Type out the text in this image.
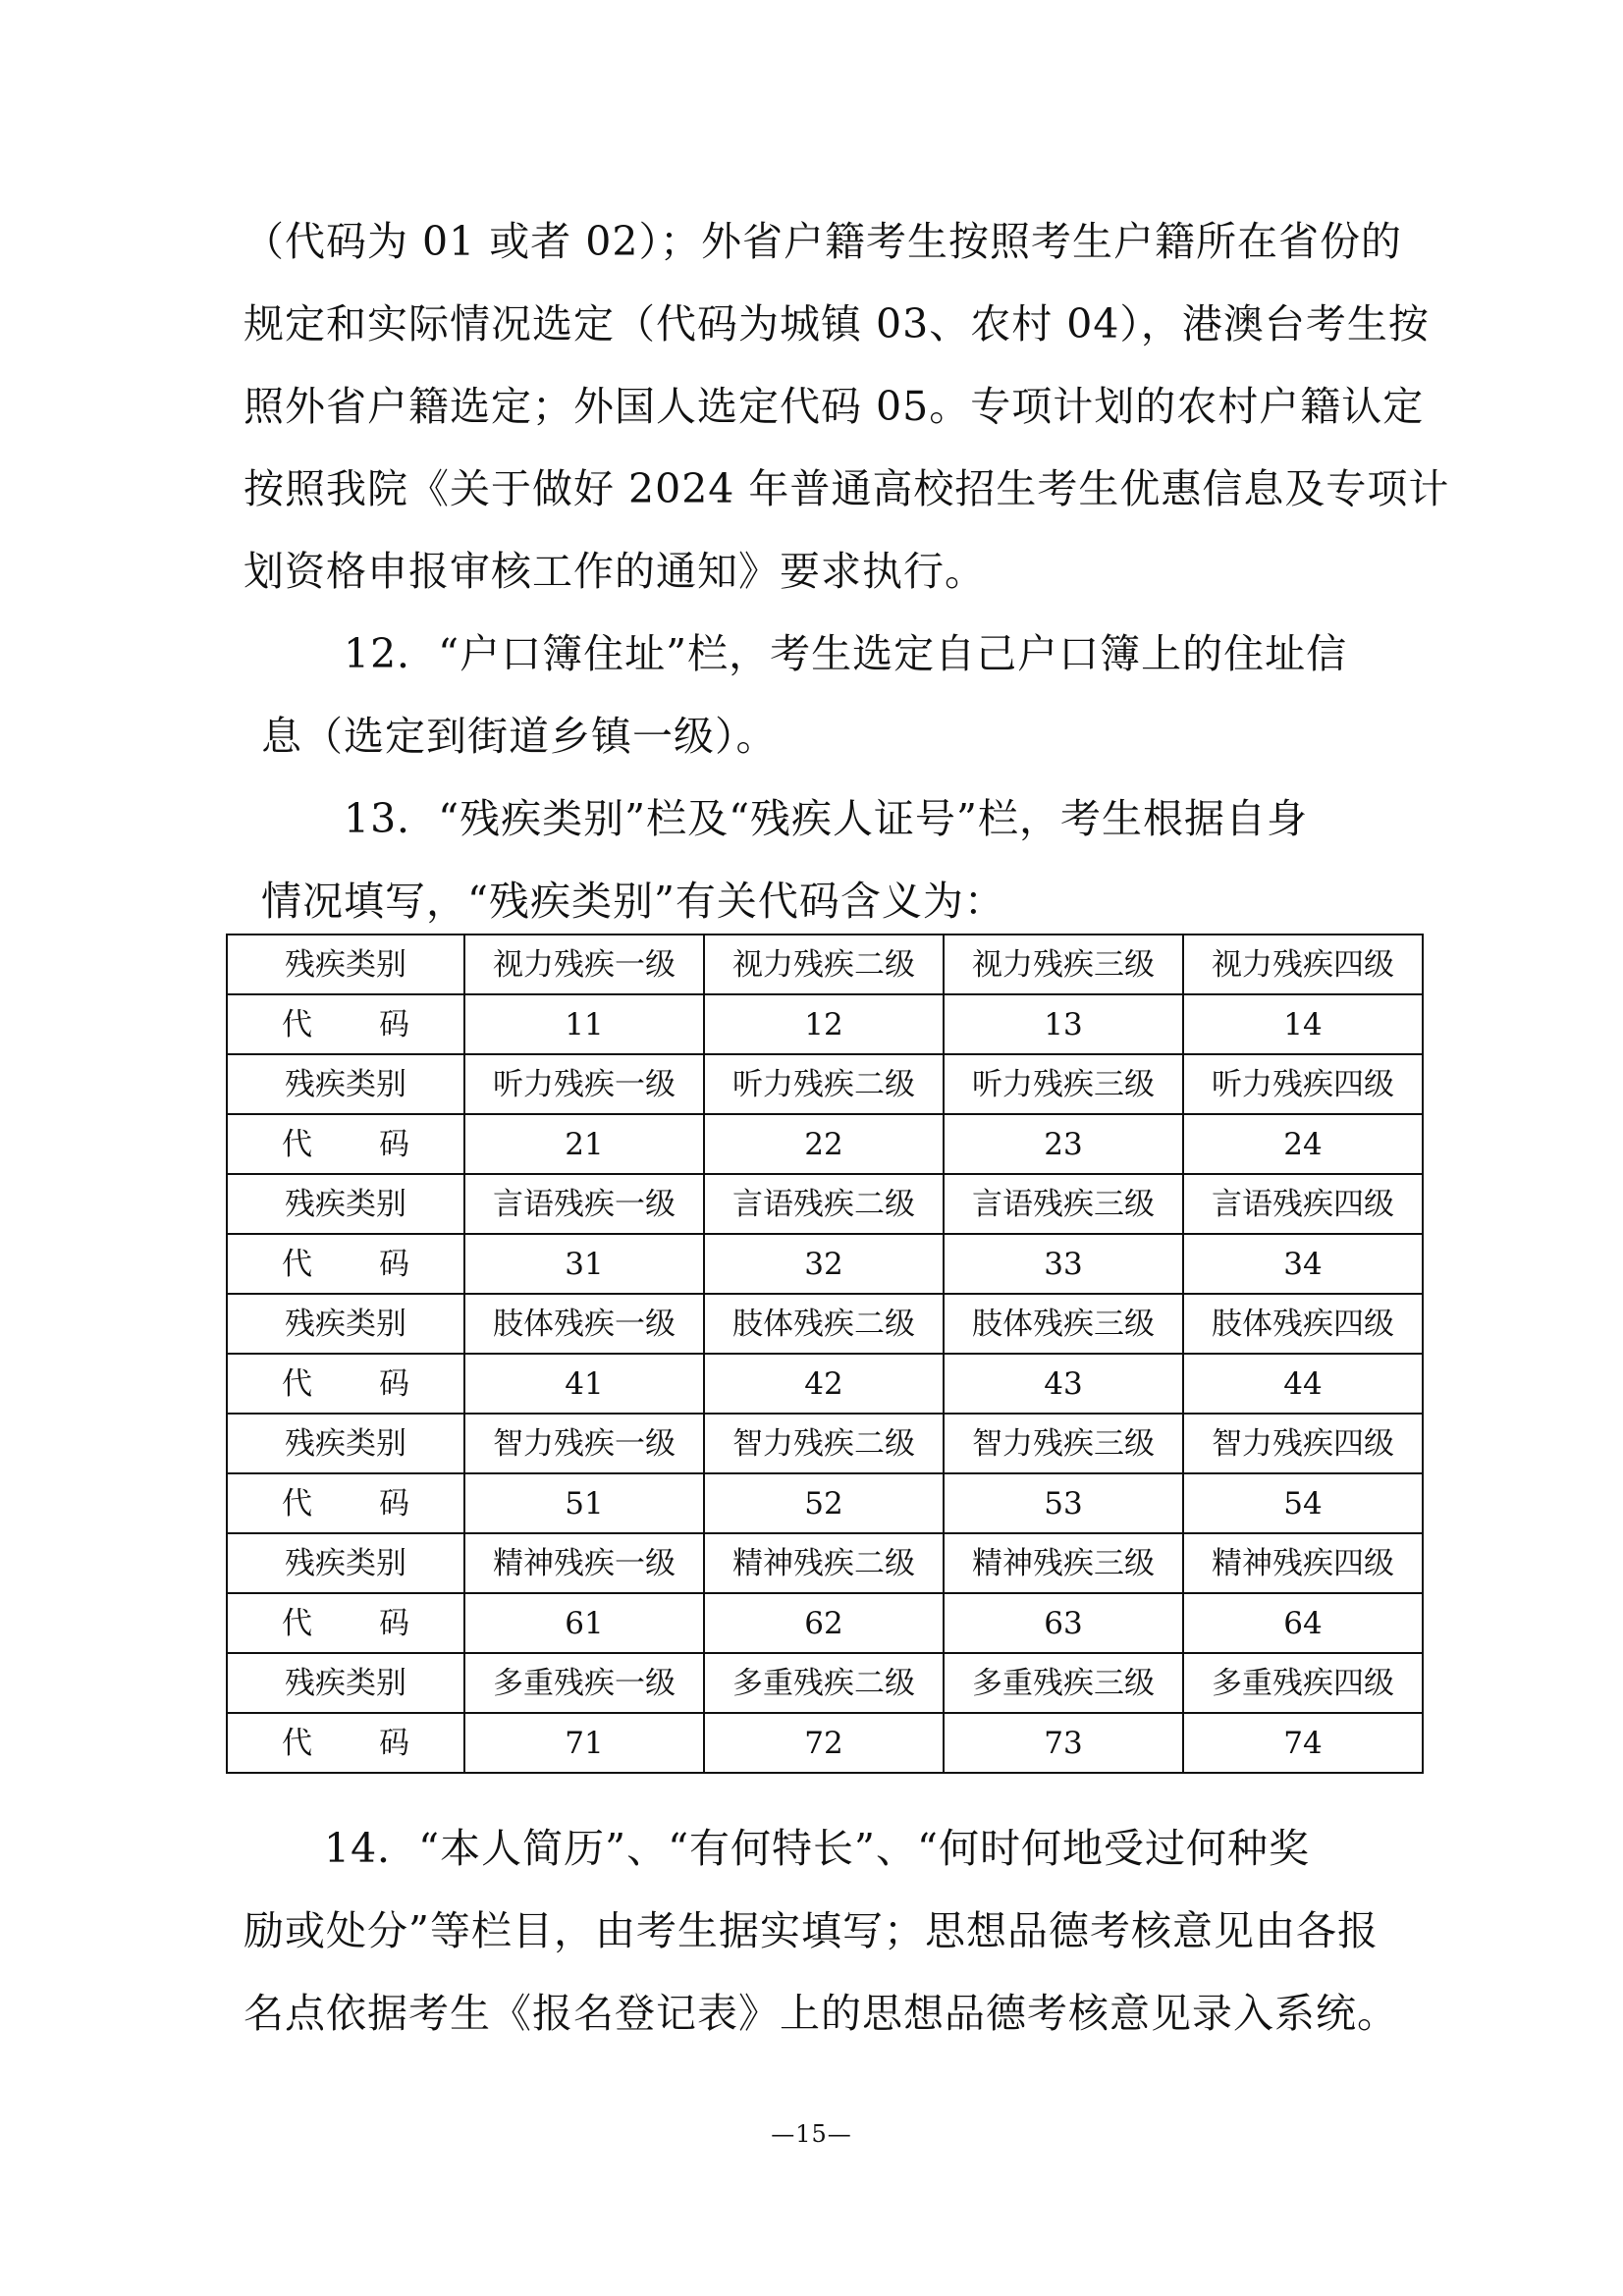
（代码为 01 或者 02）；外省户籍考生按照考生户籍所在省份的
规定和实际情况选定（代码为城镇 03、农村 04），港澳台考生按
照外省户籍选定；外国人选定代码 05。专项计划的农村户籍认定
按照我院《关于做好 2024 年普通高校招生考生优惠信息及专项计
划资格申报审核工作的通知》要求执行。
12．“户口簿住址”栏，考生选定自己户口簿上的住址信
息（选定到街道乡镇一级）。
13．“残疾类别”栏及“残疾人证号”栏，考生根据自身
情况填写，“残疾类别”有关代码含义为：
残疾类别	视力残疾一级	视力残疾二级	视力残疾三级	视力残疾四级
代　　码	11	12	13	14
残疾类别	听力残疾一级	听力残疾二级	听力残疾三级	听力残疾四级
代　　码	21	22	23	24
残疾类别	言语残疾一级	言语残疾二级	言语残疾三级	言语残疾四级
代　　码	31	32	33	34
残疾类别	肢体残疾一级	肢体残疾二级	肢体残疾三级	肢体残疾四级
代　　码	41	42	43	44
残疾类别	智力残疾一级	智力残疾二级	智力残疾三级	智力残疾四级
代　　码	51	52	53	54
残疾类别	精神残疾一级	精神残疾二级	精神残疾三级	精神残疾四级
代　　码	61	62	63	64
残疾类别	多重残疾一级	多重残疾二级	多重残疾三级	多重残疾四级
代　　码	71	72	73	74
14．“本人简历”、“有何特长”、“何时何地受过何种奖
励或处分”等栏目，由考生据实填写；思想品德考核意见由各报
名点依据考生《报名登记表》上的思想品德考核意见录入系统。
—15—
